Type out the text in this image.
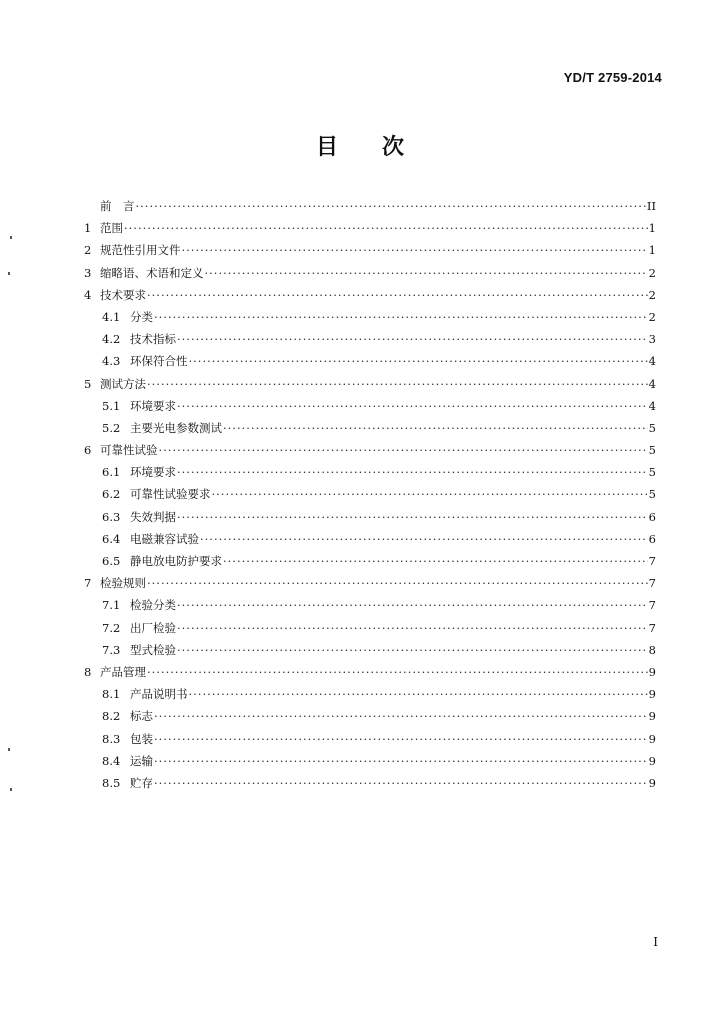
YD/T 2759-2014
目 次
前　言 ·····	II
1 范围 ·····	1
2 规范性引用文件 ·····	1
3 缩略语、术语和定义 ·····	2
4 技术要求 ·····	2
4.1 分类 ·····	2
4.2 技术指标 ·····	3
4.3 环保符合性 ·····	4
5 测试方法 ·····	4
5.1 环境要求 ·····	4
5.2 主要光电参数测试 ·····	5
6 可靠性试验 ·····	5
6.1 环境要求 ·····	5
6.2 可靠性试验要求 ·····	5
6.3 失效判据 ·····	6
6.4 电磁兼容试验 ·····	6
6.5 静电放电防护要求 ·····	7
7 检验规则 ·····	7
7.1 检验分类 ·····	7
7.2 出厂检验 ·····	7
7.3 型式检验 ·····	8
8 产品管理 ·····	9
8.1 产品说明书 ·····	9
8.2 标志 ·····	9
8.3 包装 ·····	9
8.4 运输 ·····	9
8.5 贮存 ·····	9
I
